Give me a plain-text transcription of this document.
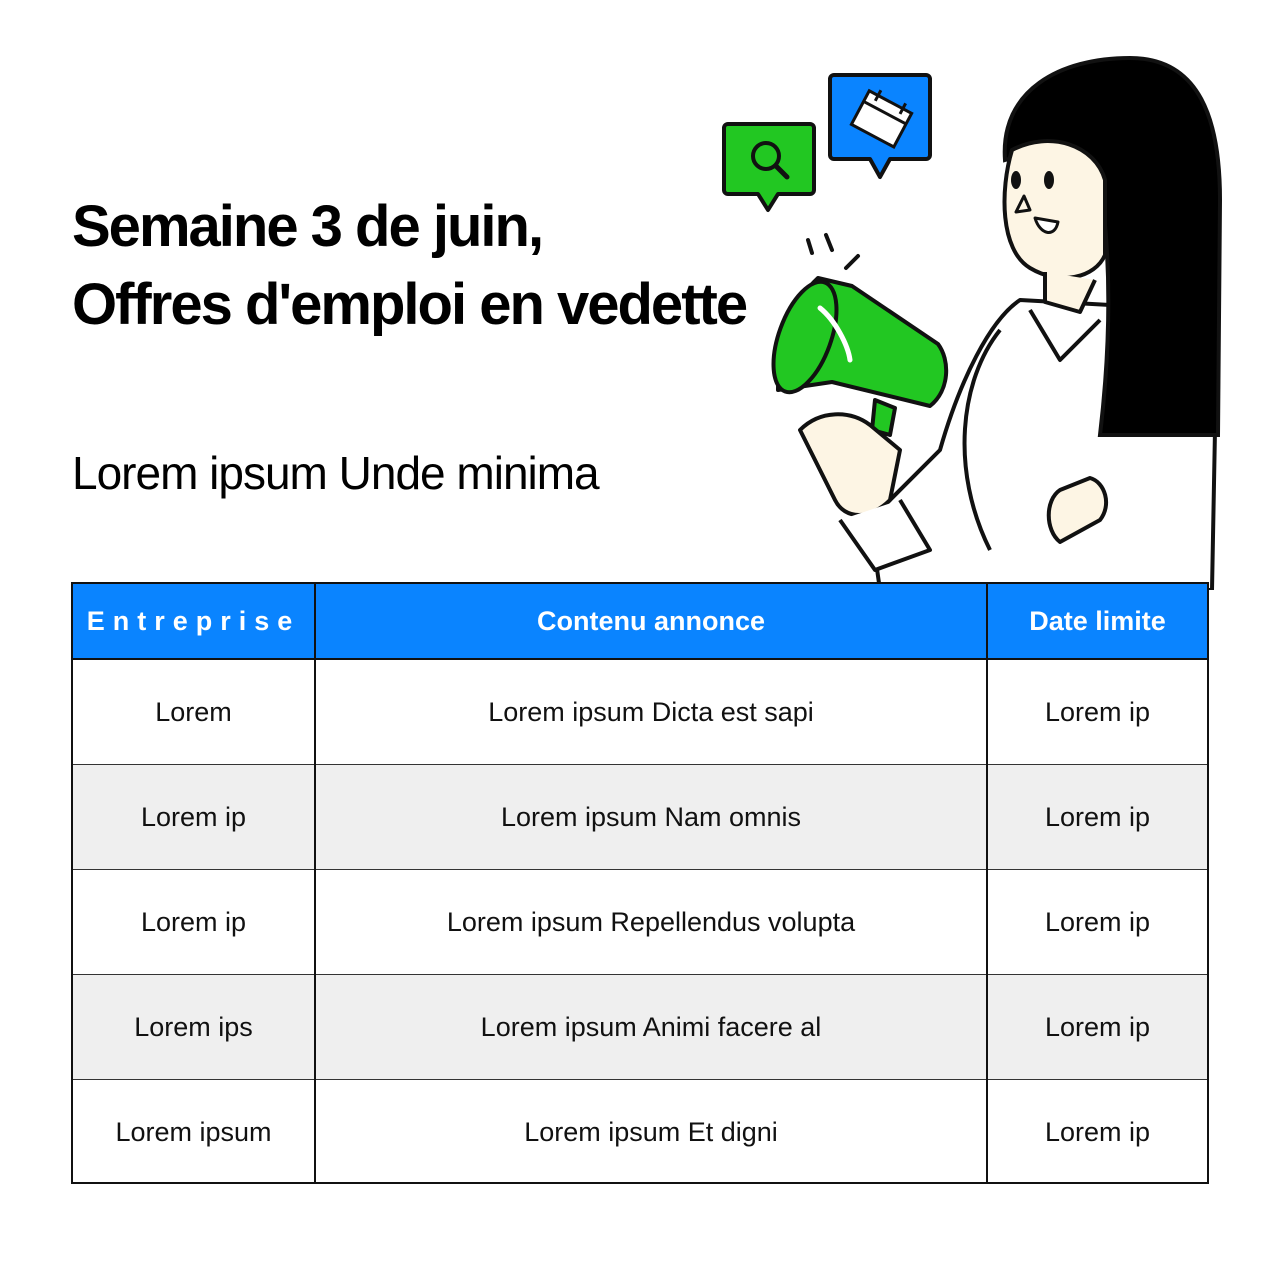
Semaine 3 de juin,
Offres d'emploi en vedette

Lorem ipsum Unde minima

Entreprise	Contenu annonce	Date limite
Lorem	Lorem ipsum Dicta est sapi	Lorem ip
Lorem ip	Lorem ipsum Nam omnis	Lorem ip
Lorem ip	Lorem ipsum Repellendus volupta	Lorem ip
Lorem ips	Lorem ipsum Animi facere al	Lorem ip
Lorem ipsum	Lorem ipsum Et digni	Lorem ip
